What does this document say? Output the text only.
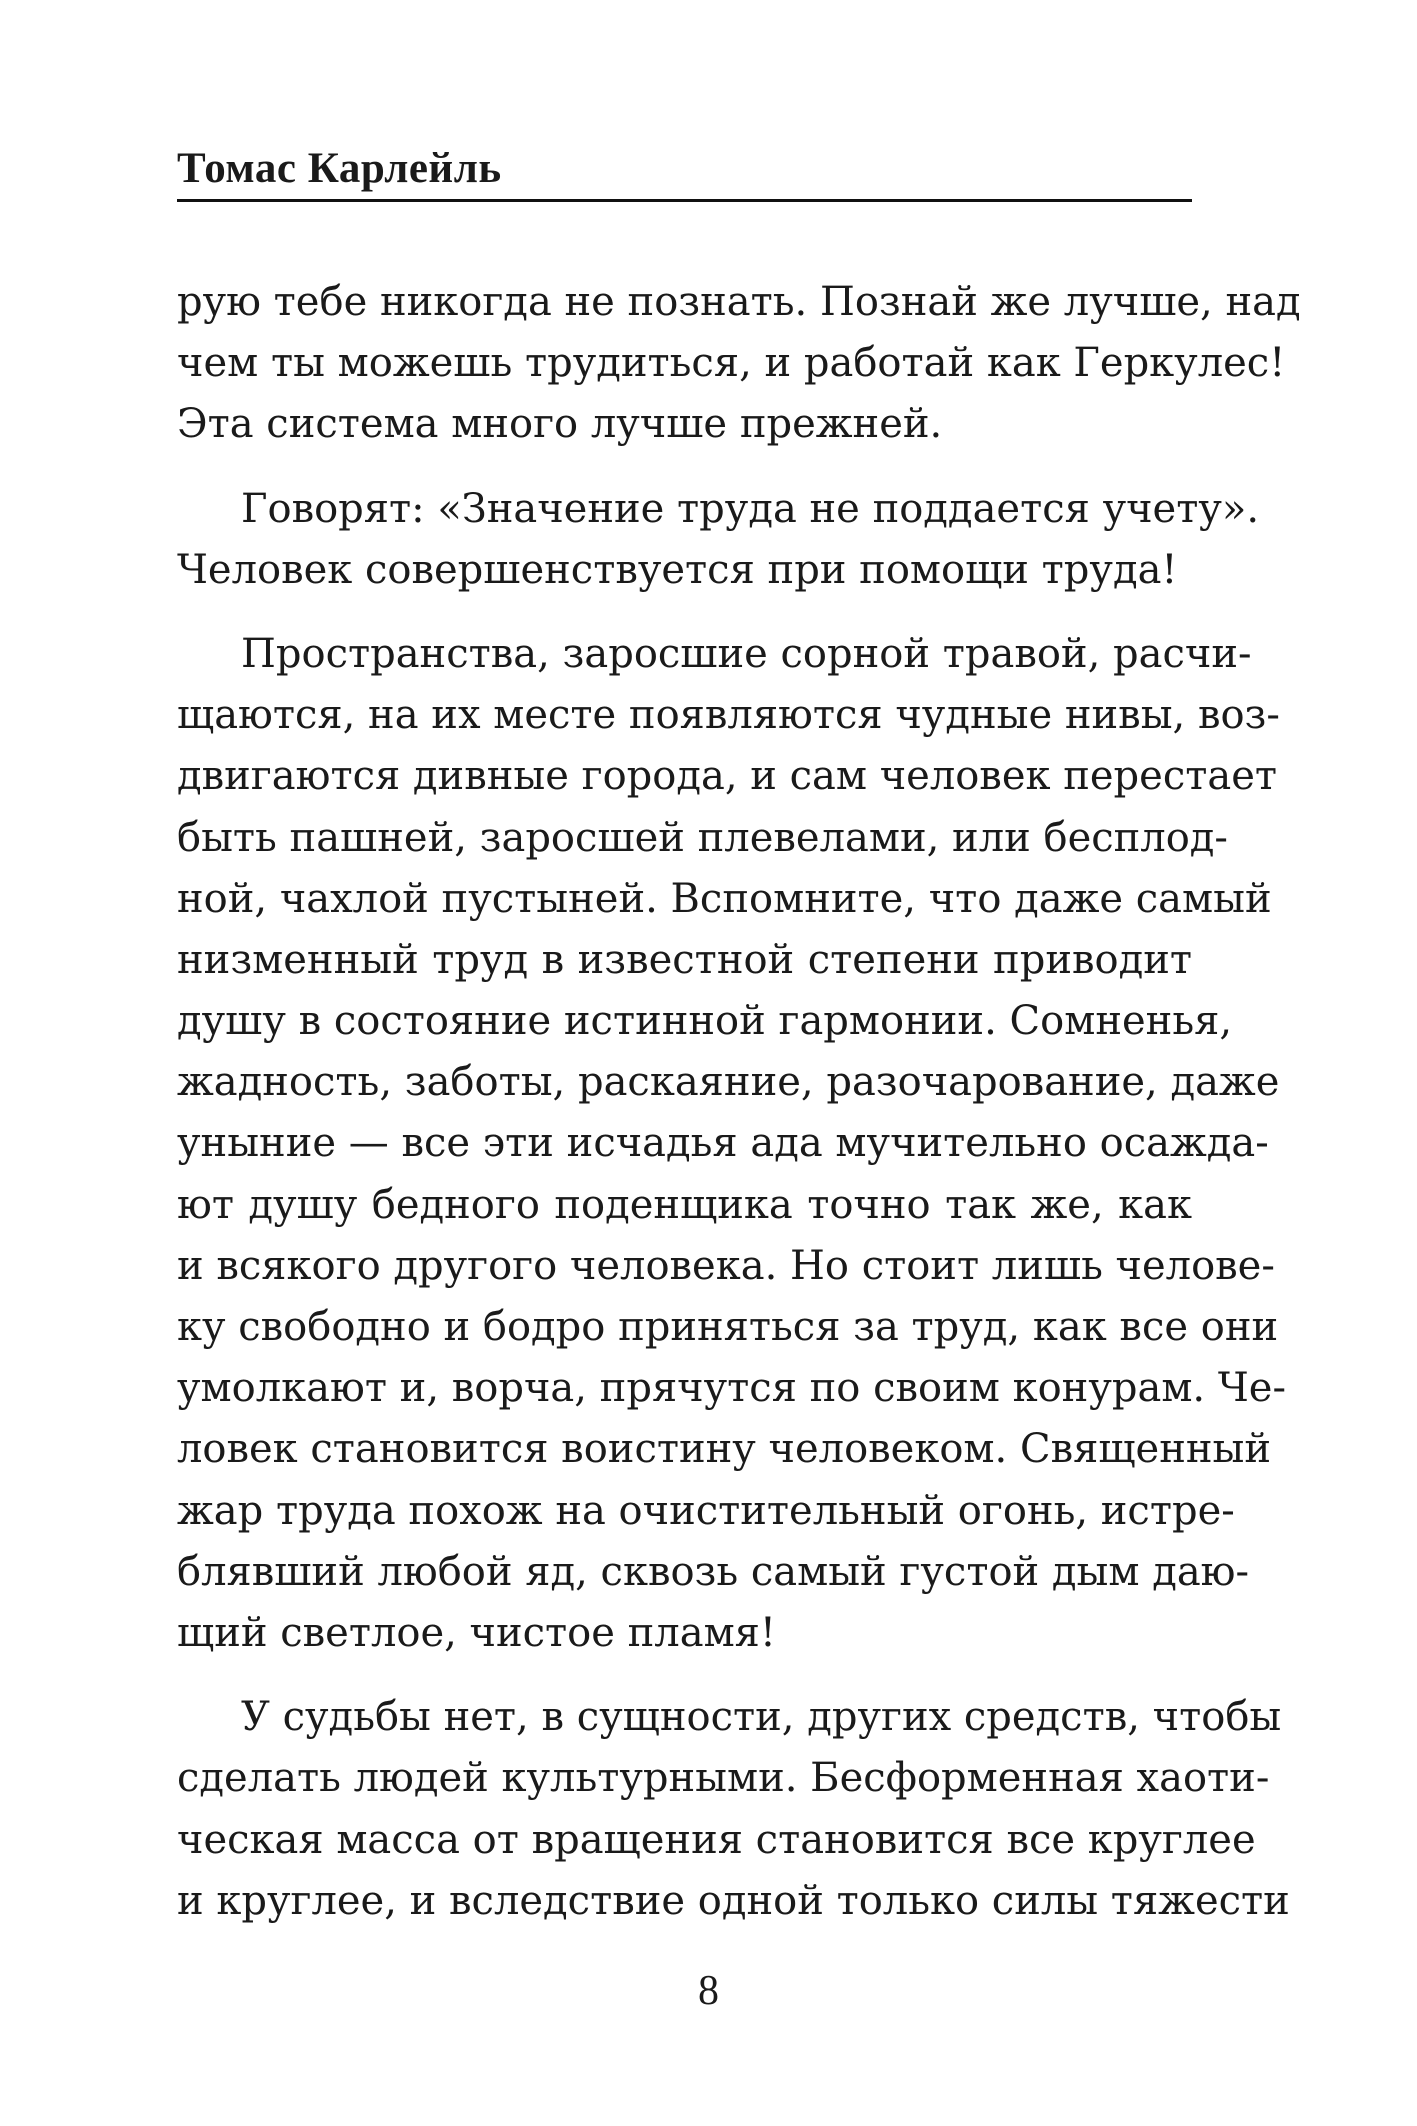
Томас Карлейль
рую тебе никогда не познать. Познай же лучше, над
чем ты можешь трудиться, и работай как Геркулес!
Эта система много лучше прежней.
Говорят: «Значение труда не поддается учету».
Человек совершенствуется при помощи труда!
Пространства, заросшие сорной травой, расчи-
щаются, на их месте появляются чудные нивы, воз-
двигаются дивные города, и сам человек перестает
быть пашней, заросшей плевелами, или бесплод-
ной, чахлой пустыней. Вспомните, что даже самый
низменный труд в известной степени приводит
душу в состояние истинной гармонии. Сомненья,
жадность, заботы, раскаяние, разочарование, даже
уныние — все эти исчадья ада мучительно осажда-
ют душу бедного поденщика точно так же, как
и всякого другого человека. Но стоит лишь челове-
ку свободно и бодро приняться за труд, как все они
умолкают и, ворча, прячутся по своим конурам. Че-
ловек становится воистину человеком. Священный
жар труда похож на очистительный огонь, истре-
блявший любой яд, сквозь самый густой дым даю-
щий светлое, чистое пламя!
У судьбы нет, в сущности, других средств, чтобы
сделать людей культурными. Бесформенная хаоти-
ческая масса от вращения становится все круглее
и круглее, и вследствие одной только силы тяжести
8
